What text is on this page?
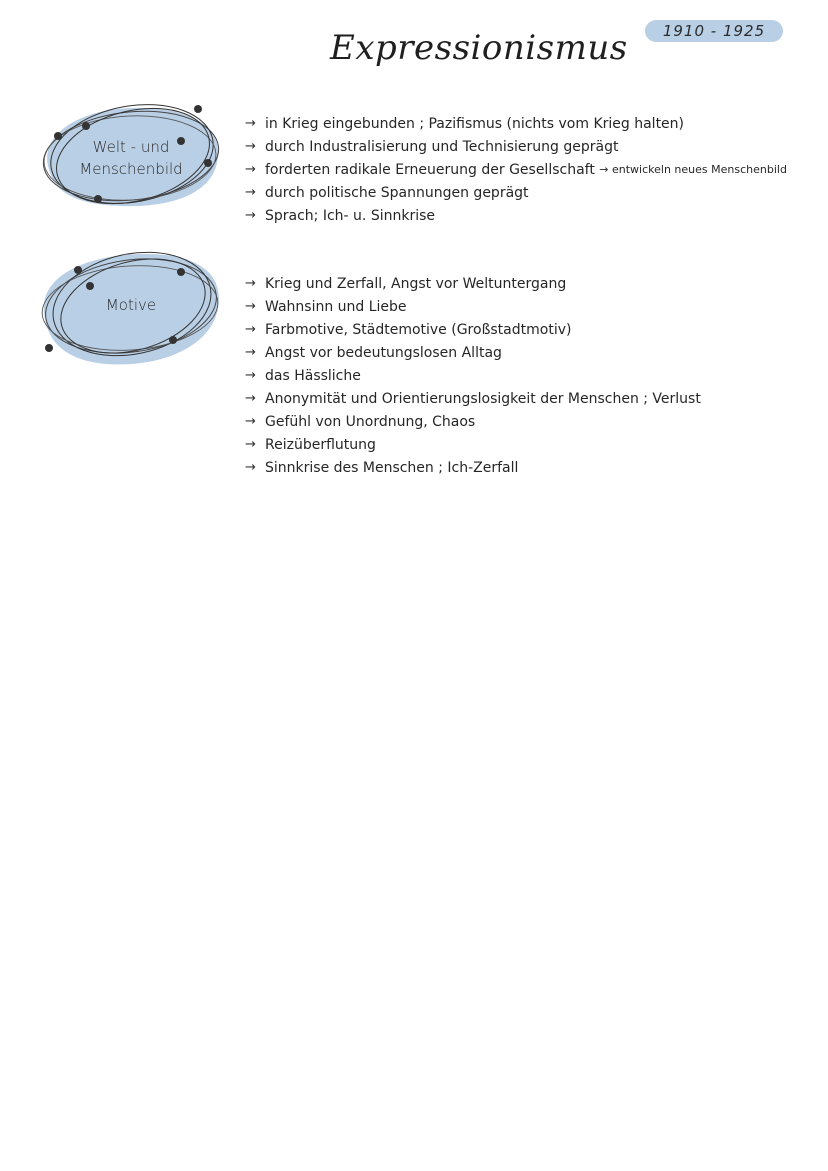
1910 - 1925
Expressionismus
Welt - und
Menschenbild
→ in Krieg eingebunden ; Pazifismus (nichts vom Krieg halten)
→ durch Industralisierung und Technisierung geprägt
→ forderten radikale Erneuerung der Gesellschaft
→ entwickeln neues Menschenbild
→ durch politische Spannungen geprägt
→ Sprach; Ich- u. Sinnkrise
Motive
→ Krieg und Zerfall, Angst vor Weltuntergang
→ Wahnsinn und Liebe
→ Farbmotive, Städtemotive (Großstadtmotiv)
→ Angst vor bedeutungslosen Alltag
→ das Hässliche
→ Anonymität und Orientierungslosigkeit der Menschen ; Verlust
→ Gefühl von Unordnung, Chaos
→ Reizüberflutung
→ Sinnkrise des Menschen ; Ich-Zerfall
